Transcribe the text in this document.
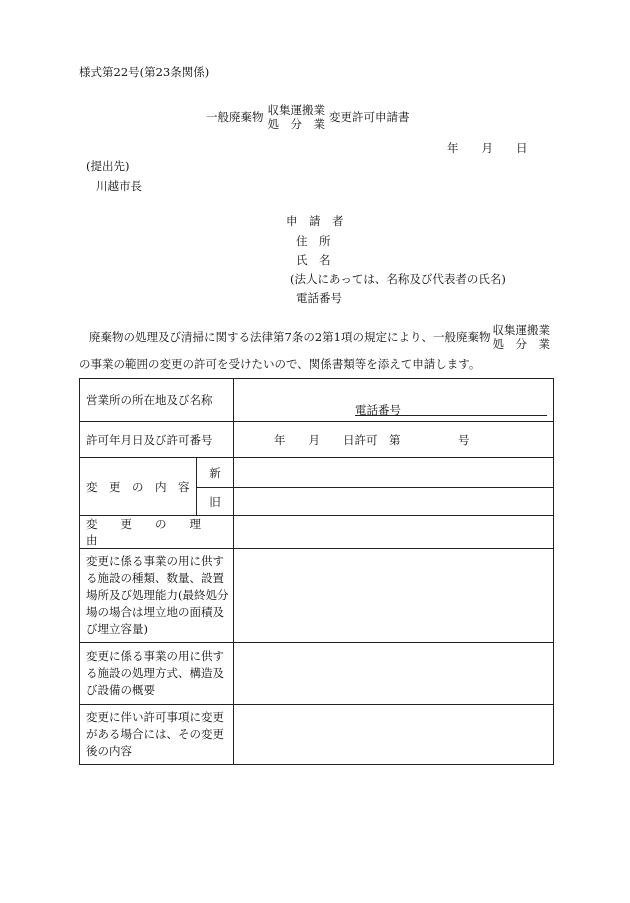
様式第22号(第23条関係)
一般廃棄物 収集運搬業
処　分　業 変更許可申請書
年　　月　　日
(提出先)
川越市長
申　請　者
住　所
氏　名
(法人にあっては、名称及び代表者の氏名)
電話番号
廃棄物の処理及び清掃に関する法律第7条の2第1項の規定により、一般廃棄物 収集運搬業
処　分　業
の事業の範囲の変更の許可を受けたいので、関係書類等を添えて申請します。
営業所の所在地及び名称		電話番号

許可年月日及び許可番号		年　　月　　日許可　第　　　　　号
変　更　の　内　容	新	
	旧	
変　　更　　の　　理　　由		
変更に係る事業の用に供する施設の種類、数量、設置場所及び処理能力(最終処分場の場合は埋立地の面積及び埋立容量)		
変更に係る事業の用に供する施設の処理方式、構造及び設備の概要		
変更に伴い許可事項に変更がある場合には、その変更後の内容		
